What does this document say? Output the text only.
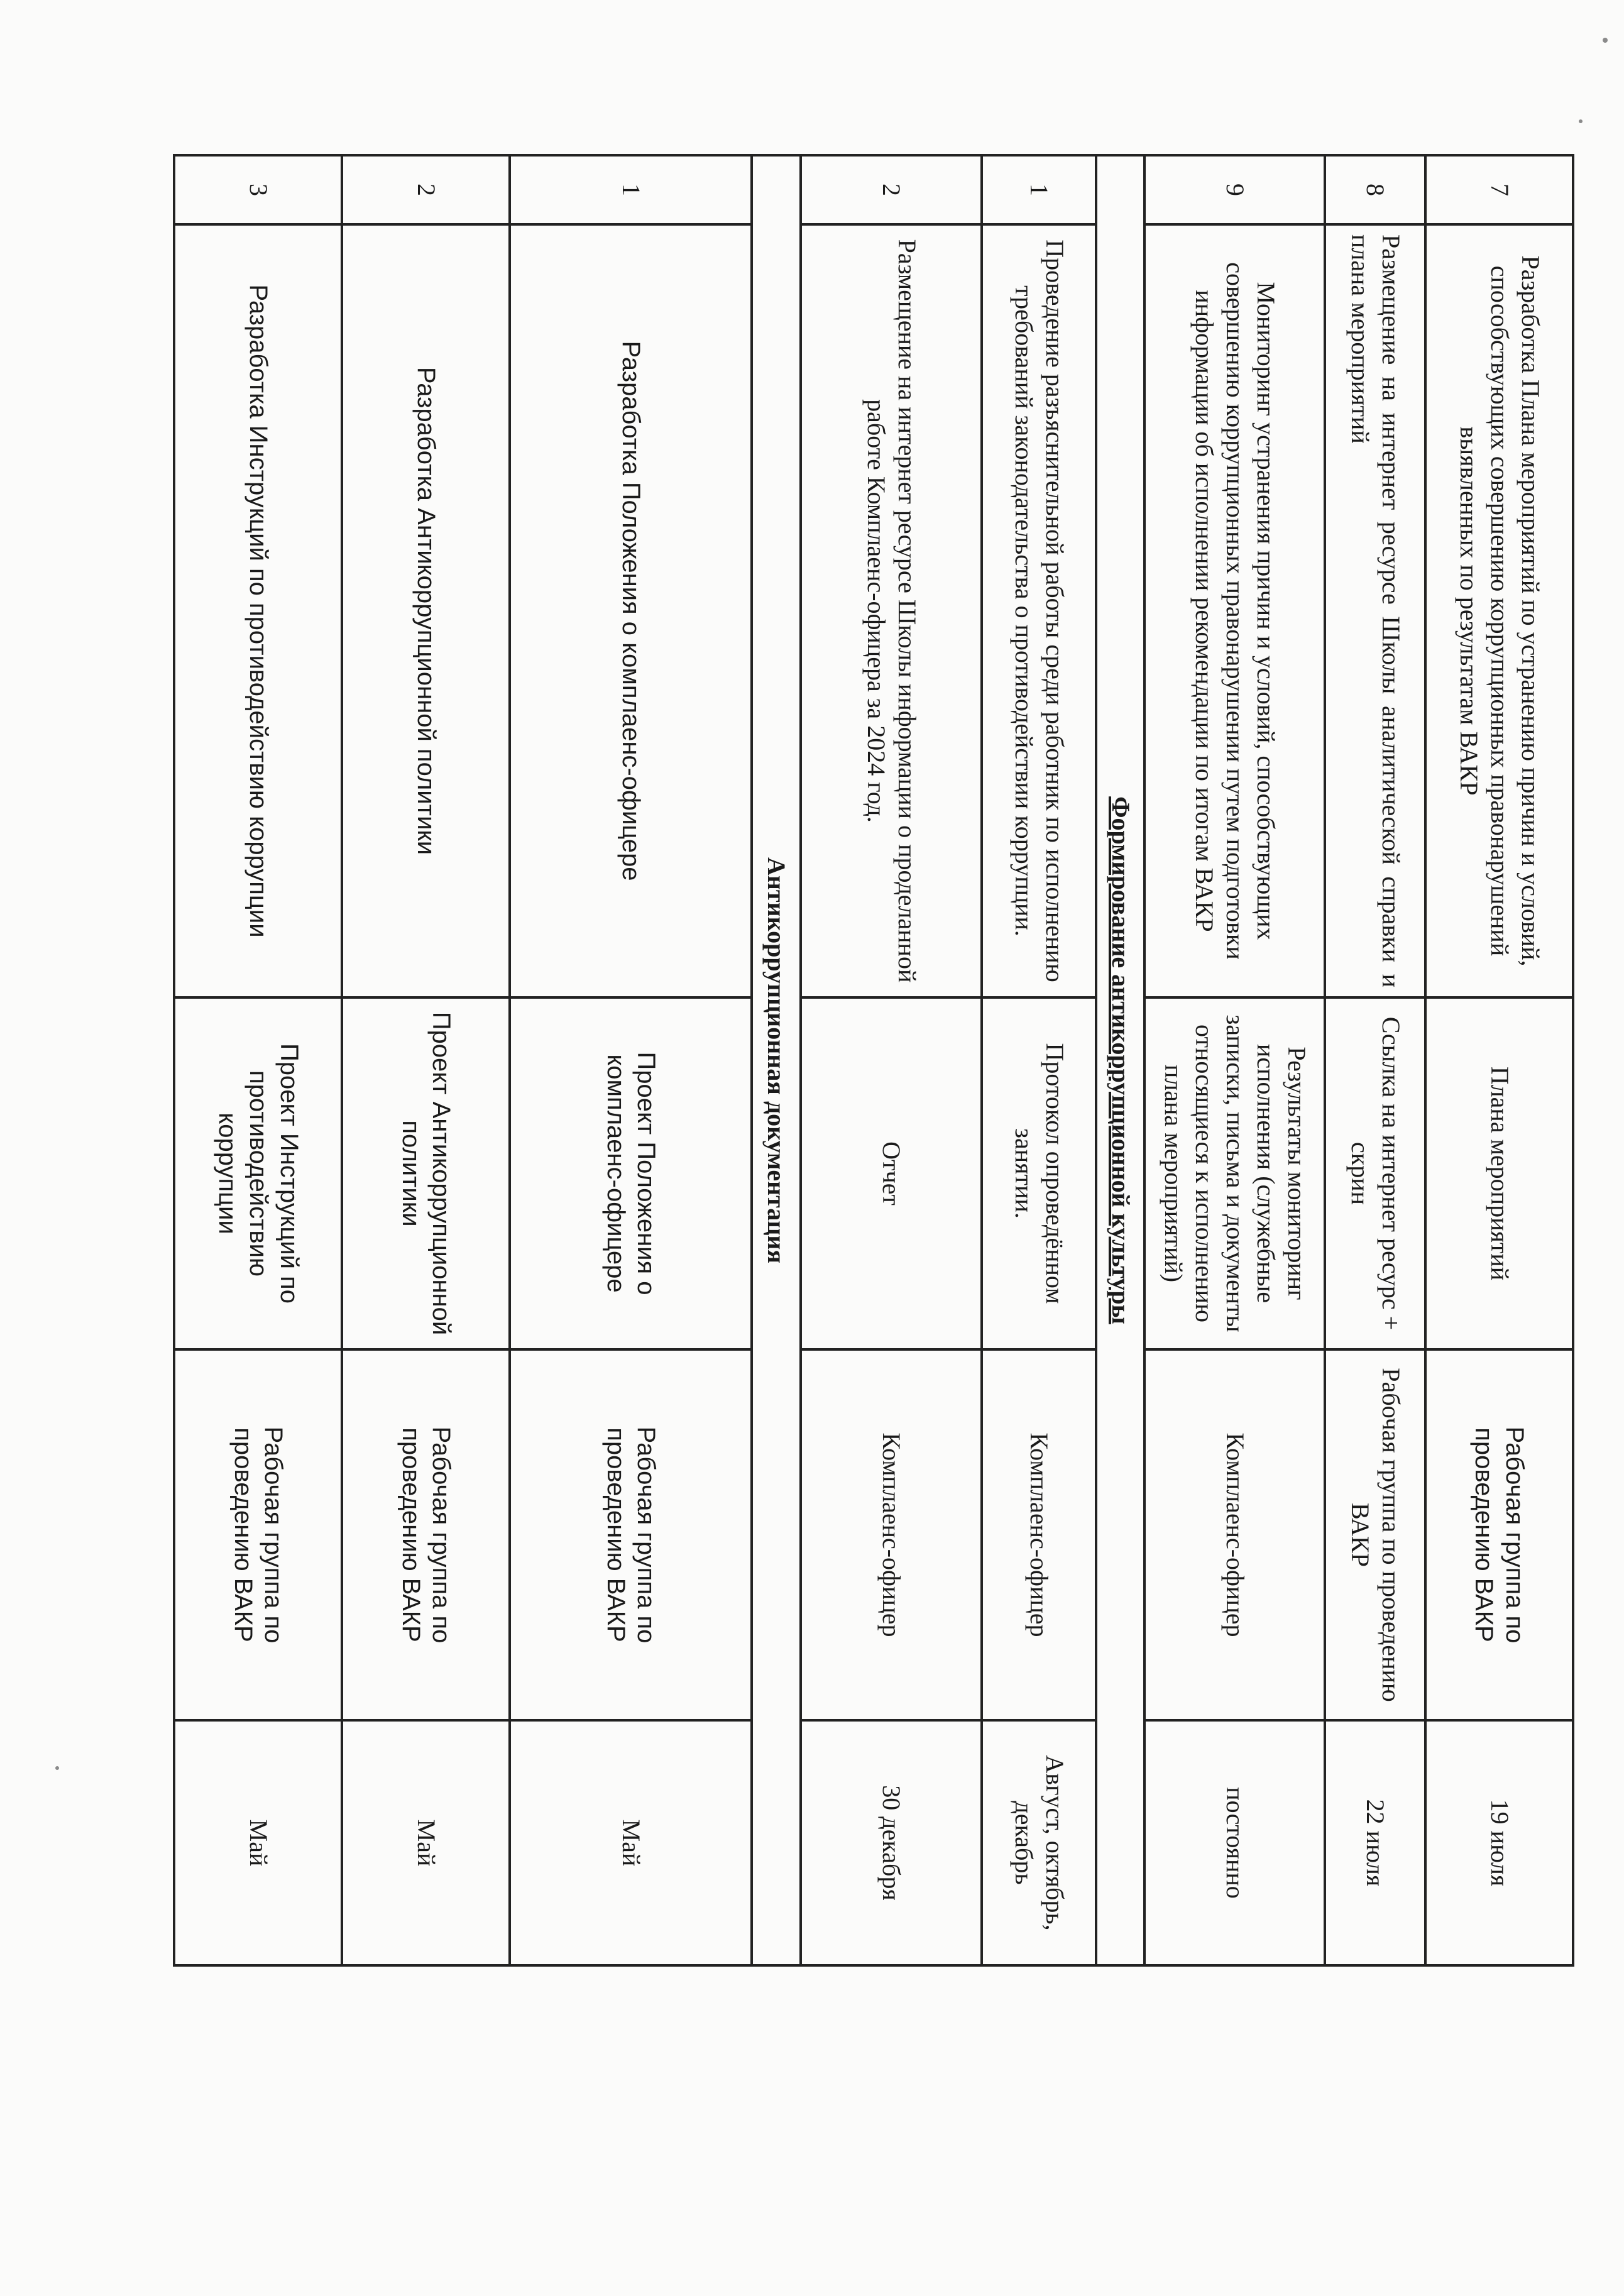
7	Разработка Плана мероприятий по устранению причин и условий, способствующих совершению коррупционных правонарушений выявленных по результатам ВАКР	Плана мероприятий	Рабочая группа по проведению ВАКР	19 июля
8	Размещение на интернет ресурсе Школы аналитической справки и плана мероприятий	Ссылка на интернет ресурс + скрин	Рабочая группа по проведению ВАКР	22 июля
9	Мониторинг устранения причин и условий, способствующих совершению коррупционных правонарушении путем подготовки информации об исполнении рекомендации по итогам ВАКР	Результаты мониторинг исполнения (служебные записки, письма и документы относящиеся к исполнению плана мероприятий)	Комплаенс-офицер	постоянно
Формирование антикоррупционной культуры				
1	Проведение разъяснительной работы среди работник по исполнению требований законодательства о противодействии коррупции.	Протокол опроведённом занятии.	Комплаенс-офицер	Август, октябрь, декабрь
2	Размещение на интернет ресурсе Школы информации о проделанной работе Комплаенс-офицера за 2024 год.	Отчет	Комплаенс-офицер	30 декабря
Антикоррупционная документация				
1	Разработка Положения о комплаенс-офицере	Проект Положения о комплаенс-офицере	Рабочая группа по проведению ВАКР	Май
2	Разработка Антикоррупционной политики	Проект Антикоррупционной политики	Рабочая группа по проведению ВАКР	Май
3	Разработка Инструкций по противодействию коррупции	Проект Инструкций по противодействию коррупции	Рабочая группа по проведению ВАКР	Май
